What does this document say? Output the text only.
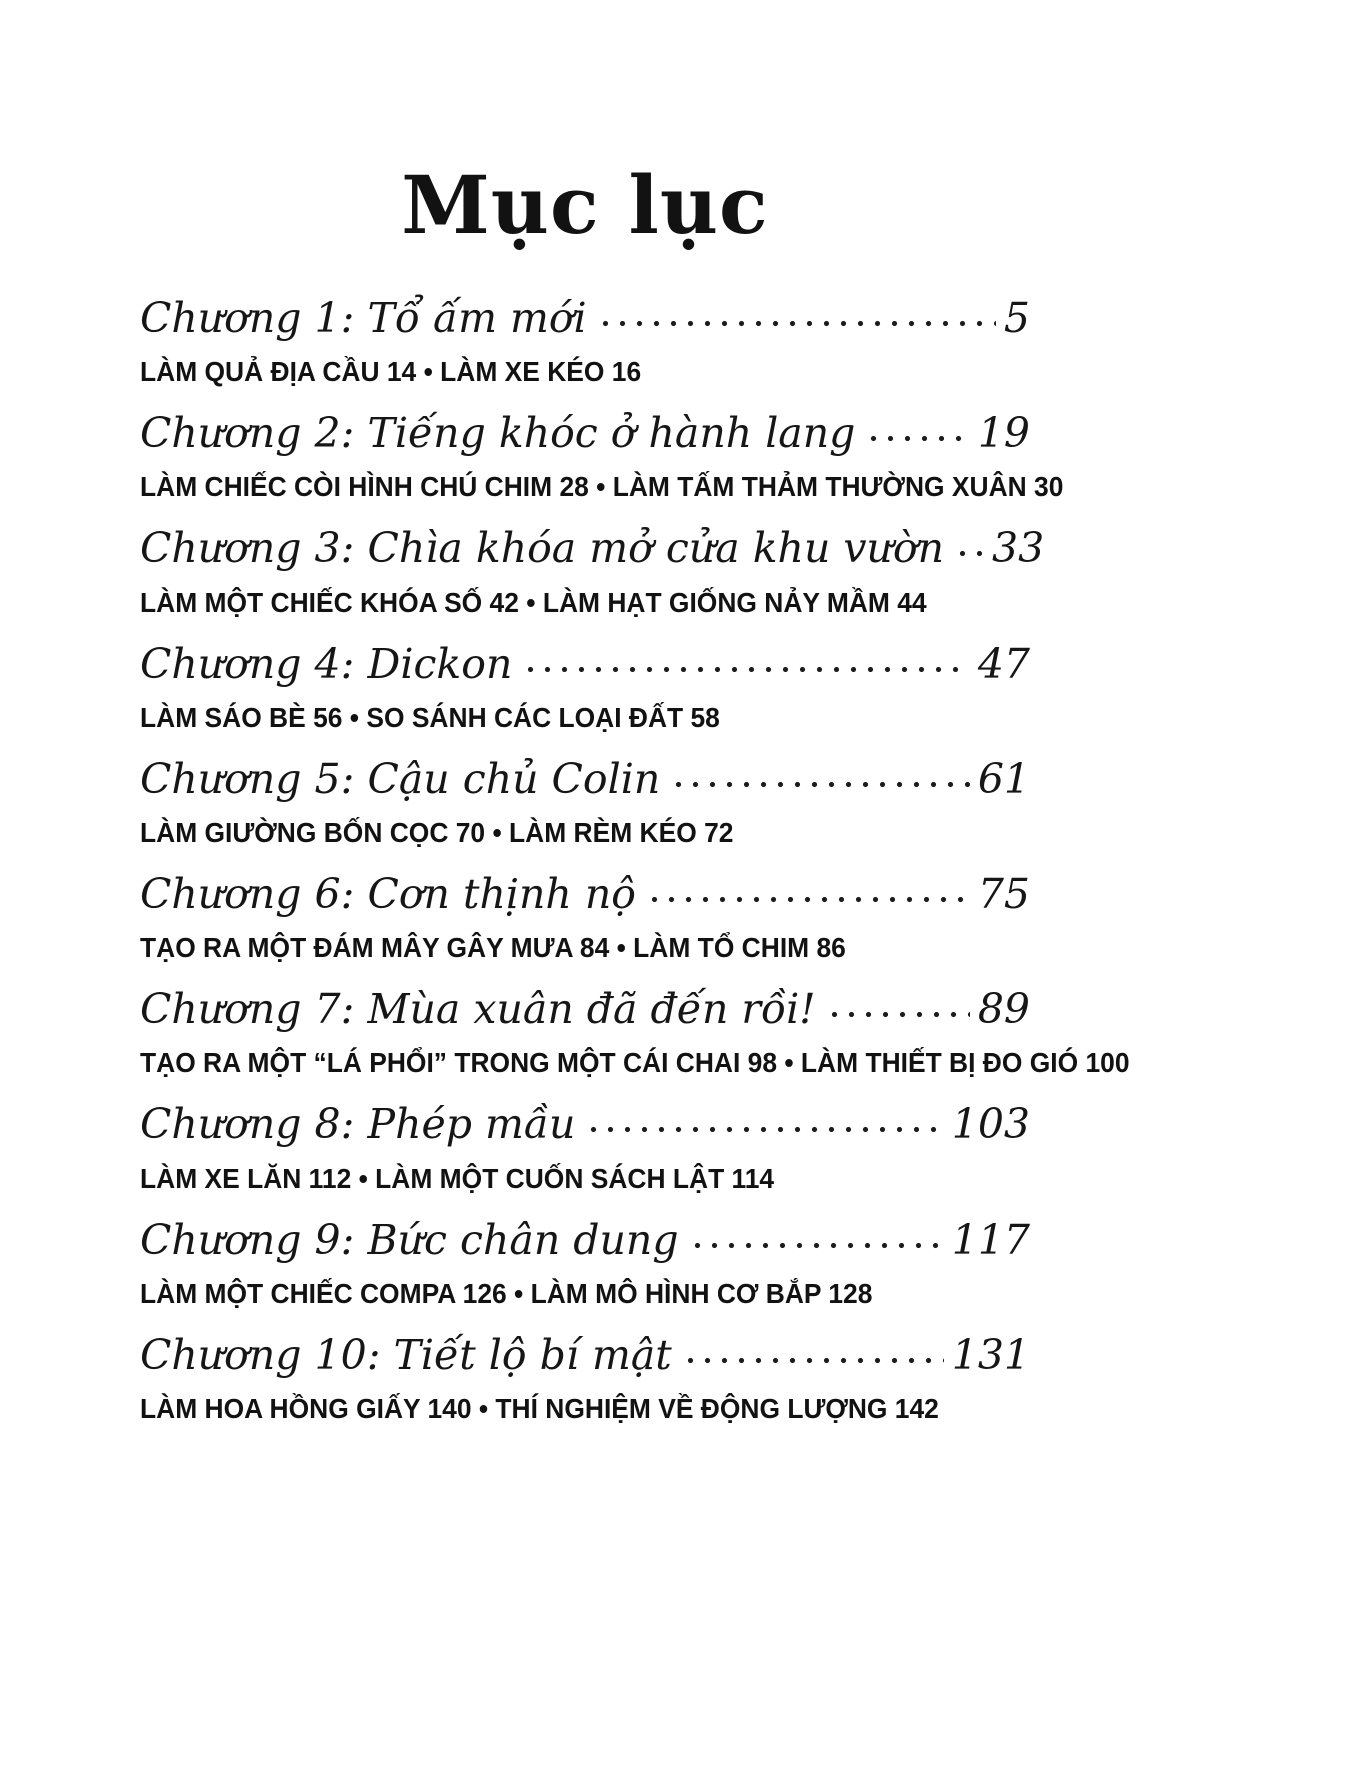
Mục lục
Chương 1: Tổ ấm mới	5
LÀM QUẢ ĐỊA CẦU 14 • LÀM XE KÉO 16
Chương 2: Tiếng khóc ở hành lang	19
LÀM CHIẾC CÒI HÌNH CHÚ CHIM 28 • LÀM TẤM THẢM THƯỜNG XUÂN 30
Chương 3: Chìa khóa mở cửa khu vườn 33
LÀM MỘT CHIẾC KHÓA SỐ 42 • LÀM HẠT GIỐNG NẢY MẦM 44
Chương 4: Dickon	47
LÀM SÁO BÈ 56 • SO SÁNH CÁC LOẠI ĐẤT 58
Chương 5: Cậu chủ Colin	61
LÀM GIƯỜNG BỐN CỌC 70 • LÀM RÈM KÉO 72
Chương 6: Cơn thịnh nộ	75
TẠO RA MỘT ĐÁM MÂY GÂY MƯA 84 • LÀM TỔ CHIM 86
Chương 7: Mùa xuân đã đến rồi!	89
TẠO RA MỘT “LÁ PHỔI” TRONG MỘT CÁI CHAI 98 • LÀM THIẾT BỊ ĐO GIÓ 100
Chương 8: Phép mầu	103
LÀM XE LĂN 112 • LÀM MỘT CUỐN SÁCH LẬT 114
Chương 9: Bức chân dung	117
LÀM MỘT CHIẾC COMPA 126 • LÀM MÔ HÌNH CƠ BẮP 128
Chương 10: Tiết lộ bí mật	131
LÀM HOA HỒNG GIẤY 140 • THÍ NGHIỆM VỀ ĐỘNG LƯỢNG 142
